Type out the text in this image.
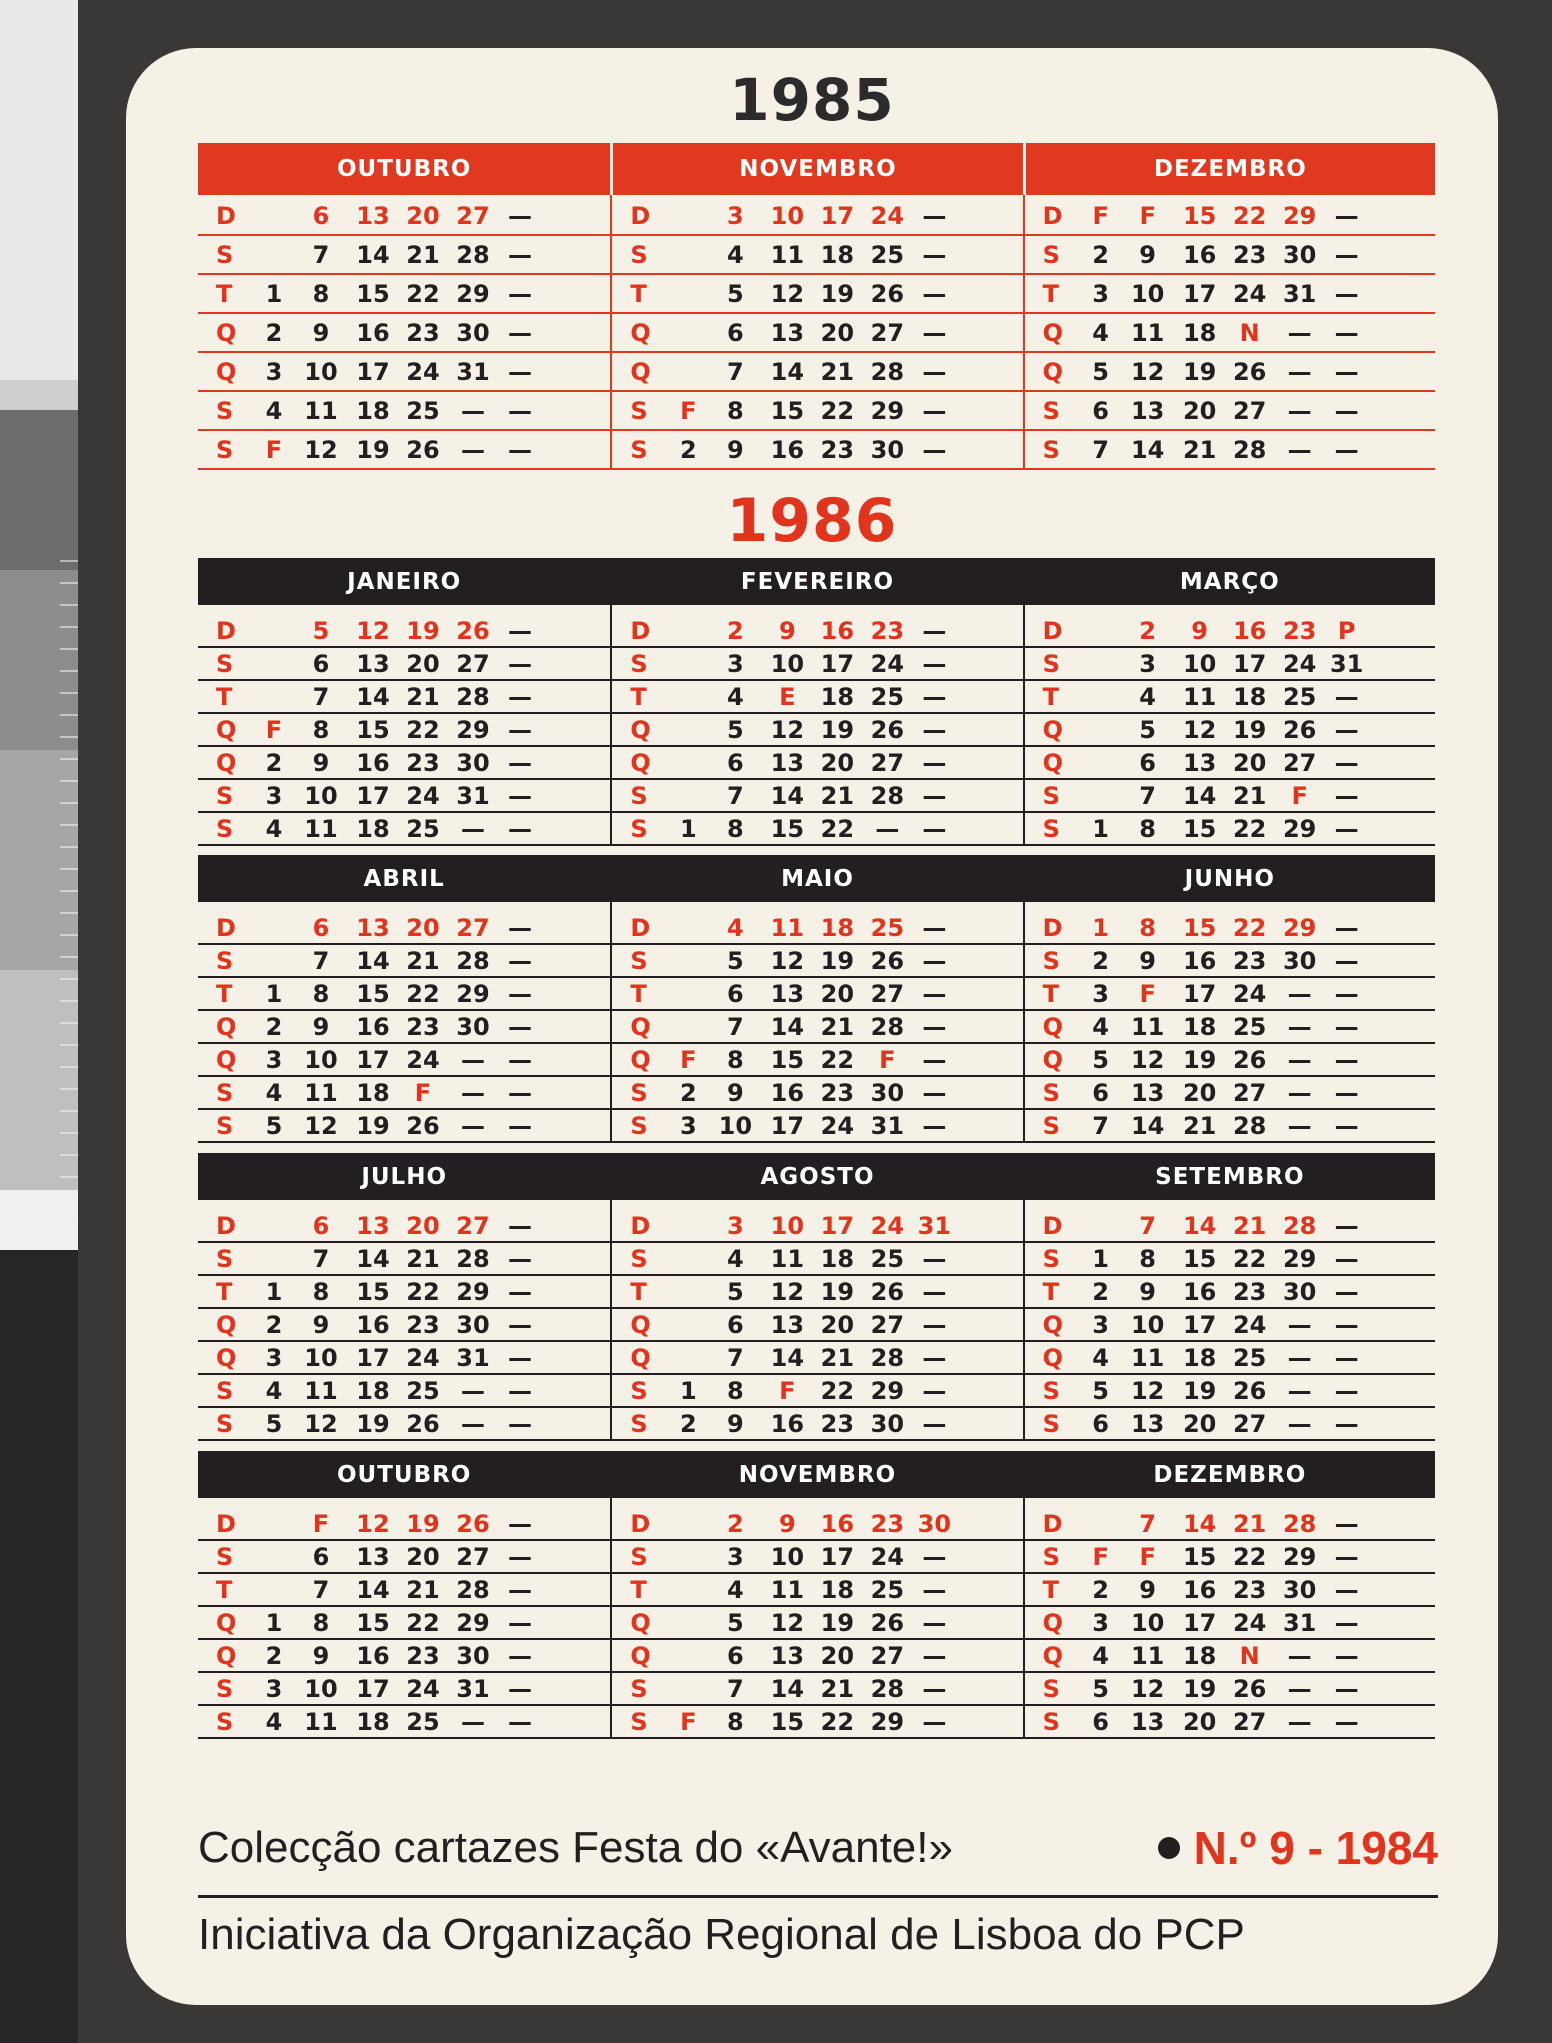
1985
OUTUBRO
D	6	13 20 27 —
S	7	14 21 28 —
T	1	8	15 22 29 —
Q	2	9	16 23 30 —
Q	3 10 17 24 31 —
S	4 11 18 25 — —
S	F 12 19 26 — —
NOVEMBRO
D	3	10 17 24 —
S	4	11 18 25 —
T	5	12 19 26 —
Q	6	13 20 27 —
Q	7	14 21 28 —
S	F	8	15 22 29 —
S	2	9	16 23 30 —
DEZEMBRO
D	F	F	15 22 29 —
S	2	9	16 23 30 —
T	3 10 17 24 31 —
Q	4 11 18 N	— —
Q	5 12 19 26 — —
S	6 13 20 27 — —
S	7 14 21 28 — —
1986
JANEIRO
D	5	12 19 26 —
S	6	13 20 27 —
T	7	14 21 28 —
Q	F	8	15 22 29 —
Q	2	9	16 23 30 —
S	3 10 17 24 31 —
S	4 11 18 25 — —
FEVEREIRO
D	2	9	16 23 —
S	3	10 17 24 —
T	4	E	18 25 —
Q	5	12 19 26 —
Q	6	13 20 27 —
S	7	14 21 28 —
S	1	8	15 22 — —
MARÇO
D	2	9	16 23 P
S	3	10 17 24 31
T	4	11 18 25 —
Q	5	12 19 26 —
Q	6	13 20 27 —
S	7	14 21	F	—
S	1	8	15 22 29 —
ABRIL
D	6	13 20 27 —
S	7	14 21 28 —
T	1	8	15 22 29 —
Q	2	9	16 23 30 —
Q	3 10 17 24 — —
S	4 11 18	F	— —
S	5 12 19 26 — —
MAIO
D	4	11 18 25 —
S	5	12 19 26 —
T	6	13 20 27 —
Q	7	14 21 28 —
Q	F	8	15 22	F	—
S	2	9	16 23 30 —
S	3 10 17 24 31 —
JUNHO
D	1	8	15 22 29 —
S	2	9	16 23 30 —
T	3	F	17 24 — —
Q	4 11 18 25 — —
Q	5 12 19 26 — —
S	6 13 20 27 — —
S	7 14 21 28 — —
JULHO
D	6	13 20 27 —
S	7	14 21 28 —
T	1	8	15 22 29 —
Q	2	9	16 23 30 —
Q	3 10 17 24 31 —
S	4 11 18 25 — —
S	5 12 19 26 — —
AGOSTO
D	3	10 17 24 31
S	4	11 18 25 —
T	5	12 19 26 —
Q	6	13 20 27 —
Q	7	14 21 28 —
S	1	8	F	22 29 —
S	2	9	16 23 30 —
SETEMBRO
D	7	14 21 28 —
S	1	8	15 22 29 —
T	2	9	16 23 30 —
Q	3 10 17 24 — —
Q	4 11 18 25 — —
S	5 12 19 26 — —
S	6 13 20 27 — —
OUTUBRO
D	F	12 19 26 —
S	6	13 20 27 —
T	7	14 21 28 —
Q	1	8	15 22 29 —
Q	2	9	16 23 30 —
S	3 10 17 24 31 —
S	4 11 18 25 — —
NOVEMBRO
D	2	9	16 23 30
S	3	10 17 24 —
T	4	11 18 25 —
Q	5	12 19 26 —
Q	6	13 20 27 —
S	7	14 21 28 —
S	F	8	15 22 29 —
DEZEMBRO
D	7	14 21 28 —
S	F	F	15 22 29 —
T	2	9	16 23 30 —
Q	3 10 17 24 31 —
Q	4 11 18 N	— —
S	5 12 19 26 — —
S	6 13 20 27 — —
Colecção cartazes Festa do «Avante!»	N.º 9 - 1984
Iniciativa da Organização Regional de Lisboa do PCP
